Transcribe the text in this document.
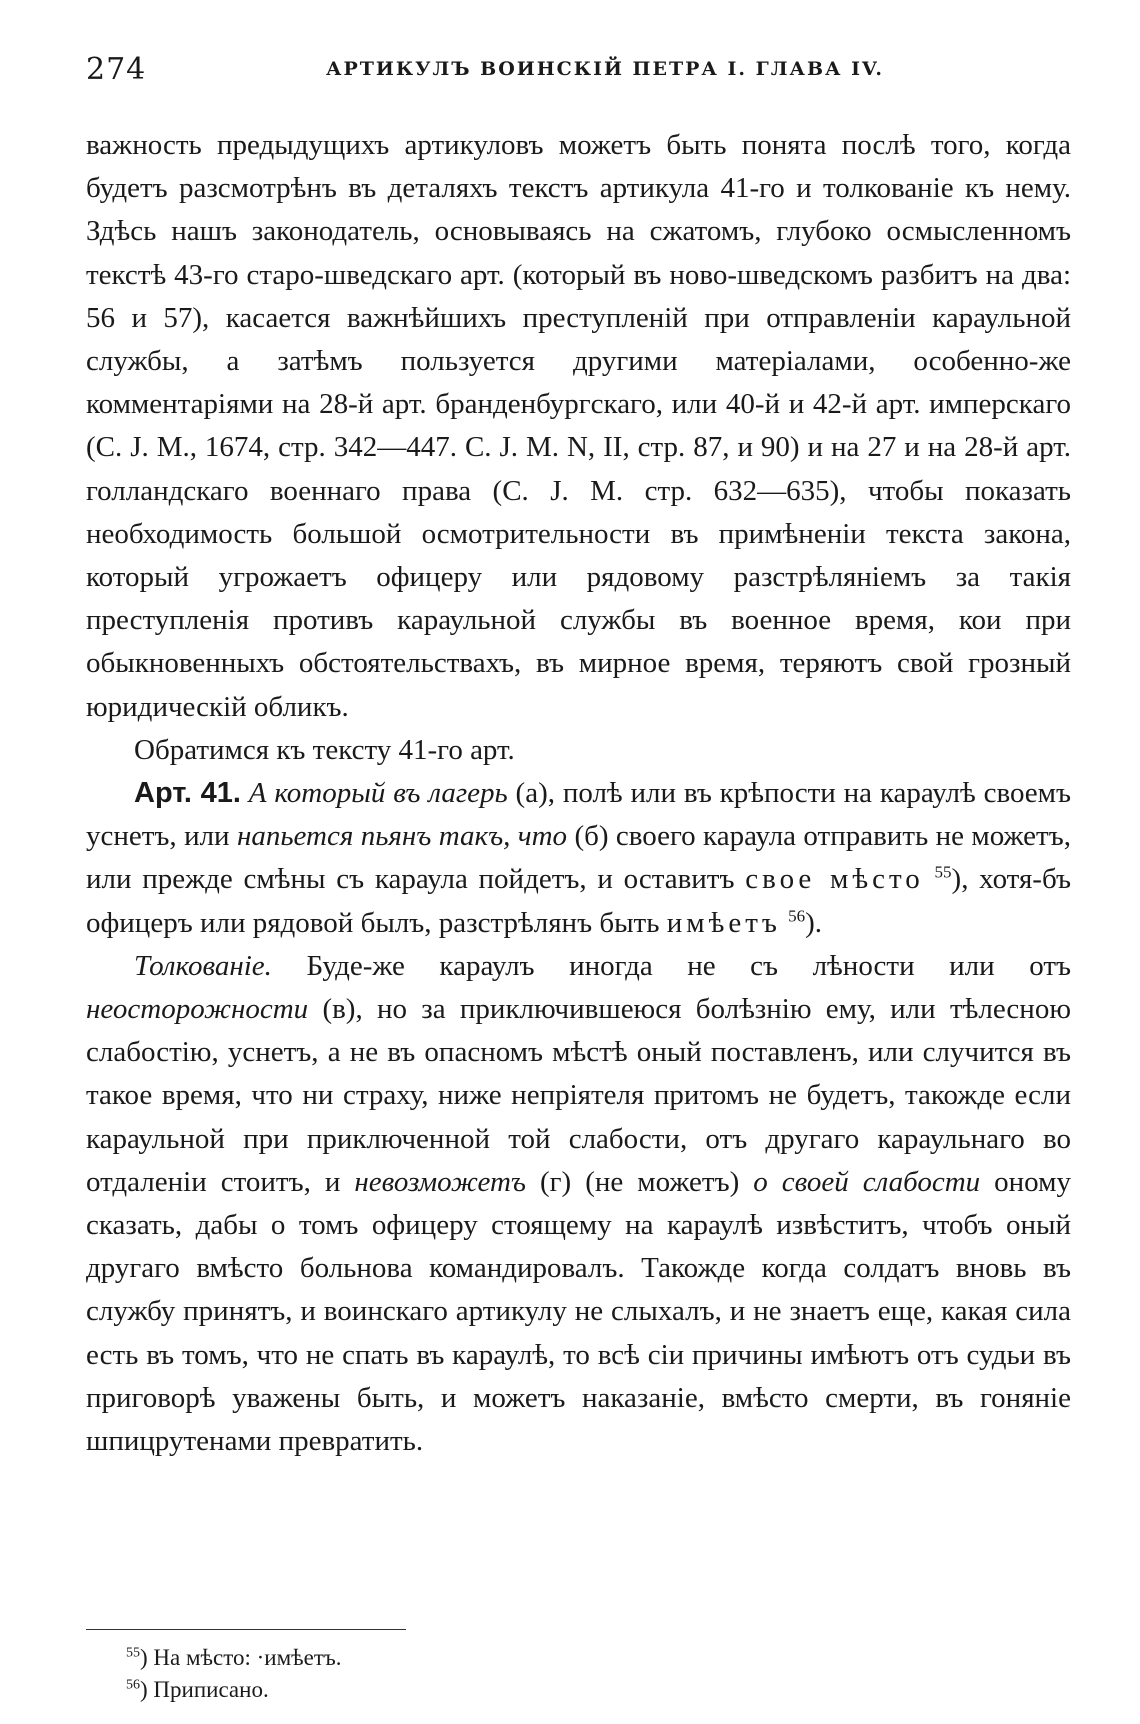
274	АРТИКУЛЪ ВОИНСКІЙ ПЕТРА I. ГЛАВА IV.

важность предыдущихъ артикуловъ можетъ быть понята послѣ того, когда будетъ разсмотрѣнъ въ деталяхъ текстъ артикула 41-го и толкованіе къ нему. Здѣсь нашъ законодатель, основываясь на сжатомъ, глубоко осмысленномъ текстѣ 43-го старо-шведскаго арт. (который въ ново-шведскомъ разбитъ на два: 56 и 57), касается важнѣйшихъ преступленій при отправленіи караульной службы, а затѣмъ пользуется другими матеріалами, особенно-же комментаріями на 28-й арт. бранденбургскаго, или 40-й и 42-й арт. имперскаго (С. J. М., 1674, стр. 342—447. С. J. М. N, II, стр. 87, и 90) и на 27 и на 28-й арт. голландскаго военнаго права (С. J. М. стр. 632—635), чтобы показать необходимость большой осмотрительности въ примѣненіи текста закона, который угрожаетъ офицеру или рядовому разстрѣляніемъ за такія преступленія противъ караульной службы въ военное время, кои при обыкновенныхъ обстоятельствахъ, въ мирное время, теряютъ свой грозный юридическій обликъ.

Обратимся къ тексту 41-го арт.

Арт. 41. А который въ лагерь (а), полѣ или въ крѣпости на караулѣ своемъ уснетъ, или напьется пьянъ такъ, что (б) своего караула отправить не можетъ, или прежде смѣны съ караула пойдетъ, и оставитъ свое мѣсто $^{55}$), хотя-бъ офицеръ или рядовой былъ, разстрѣлянъ быть имѣетъ $^{56}$).

Толкованіе. Буде-же караулъ иногда не съ лѣности или отъ неосторожности (в), но за приключившеюся болѣзнію ему, или тѣлесною слабостію, уснетъ, а не въ опасномъ мѣстѣ оный поставленъ, или случится въ такое время, что ни страху, ниже непріятеля притомъ не будетъ, такожде если караульной при приключенной той слабости, отъ другаго караульнаго во отдаленіи стоитъ, и невозможетъ (г) (не можетъ) о своей слабости оному сказать, дабы о томъ офицеру стоящему на караулѣ извѣститъ, чтобъ оный другаго вмѣсто больнова командировалъ. Такожде когда солдатъ вновь въ службу принятъ, и воинскаго артикулу не слыхалъ, и не знаетъ еще, какая сила есть въ томъ, что не спать въ караулѣ, то всѣ сіи причины имѣютъ отъ судьи въ приговорѣ уважены быть, и можетъ наказаніе, вмѣсто смерти, въ гоняніе шпицрутенами превратить.

$^{55}$) На мѣсто: ·имѣетъ.
$^{56}$) Приписано.
